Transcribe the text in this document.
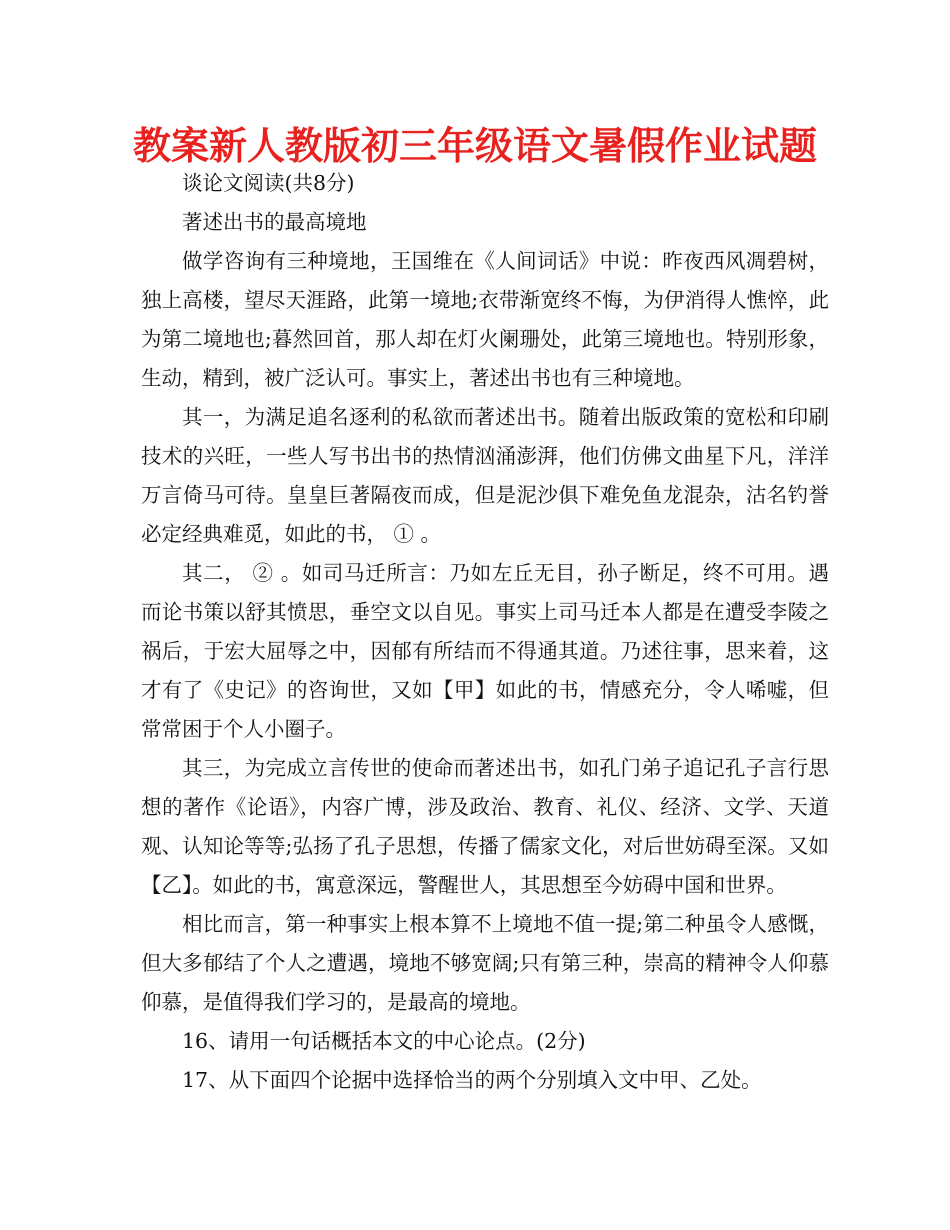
教案新人教版初三年级语文暑假作业试题

谈论文阅读(共8分)

著述出书的最高境地

做学咨询有三种境地，王国维在《人间词话》中说：昨夜西风凋碧树，独上高楼，望尽天涯路，此第一境地;衣带渐宽终不悔，为伊消得人憔悴，此为第二境地也;暮然回首，那人却在灯火阑珊处，此第三境地也。特别形象，生动，精到，被广泛认可。事实上，著述出书也有三种境地。

其一，为满足追名逐利的私欲而著述出书。随着出版政策的宽松和印刷技术的兴旺，一些人写书出书的热情汹涌澎湃，他们仿佛文曲星下凡，洋洋万言倚马可待。皇皇巨著隔夜而成，但是泥沙俱下难免鱼龙混杂，沽名钓誉必定经典难觅，如此的书， ① 。

其二， ② 。如司马迁所言：乃如左丘无目，孙子断足，终不可用。遇而论书策以舒其愤思，垂空文以自见。事实上司马迁本人都是在遭受李陵之祸后，于宏大屈辱之中，因郁有所结而不得通其道。乃述往事，思来着，这才有了《史记》的咨询世，又如【甲】如此的书，情感充分，令人唏嘘，但常常困于个人小圈子。

其三，为完成立言传世的使命而著述出书，如孔门弟子追记孔子言行思想的著作《论语》，内容广博，涉及政治、教育、礼仪、经济、文学、天道观、认知论等等;弘扬了孔子思想，传播了儒家文化，对后世妨碍至深。又如【乙】。如此的书，寓意深远，警醒世人，其思想至今妨碍中国和世界。

相比而言，第一种事实上根本算不上境地不值一提;第二种虽令人感慨，但大多郁结了个人之遭遇，境地不够宽阔;只有第三种，崇高的精神令人仰慕仰慕，是值得我们学习的，是最高的境地。

16、请用一句话概括本文的中心论点。(2分)

17、从下面四个论据中选择恰当的两个分别填入文中甲、乙处。
